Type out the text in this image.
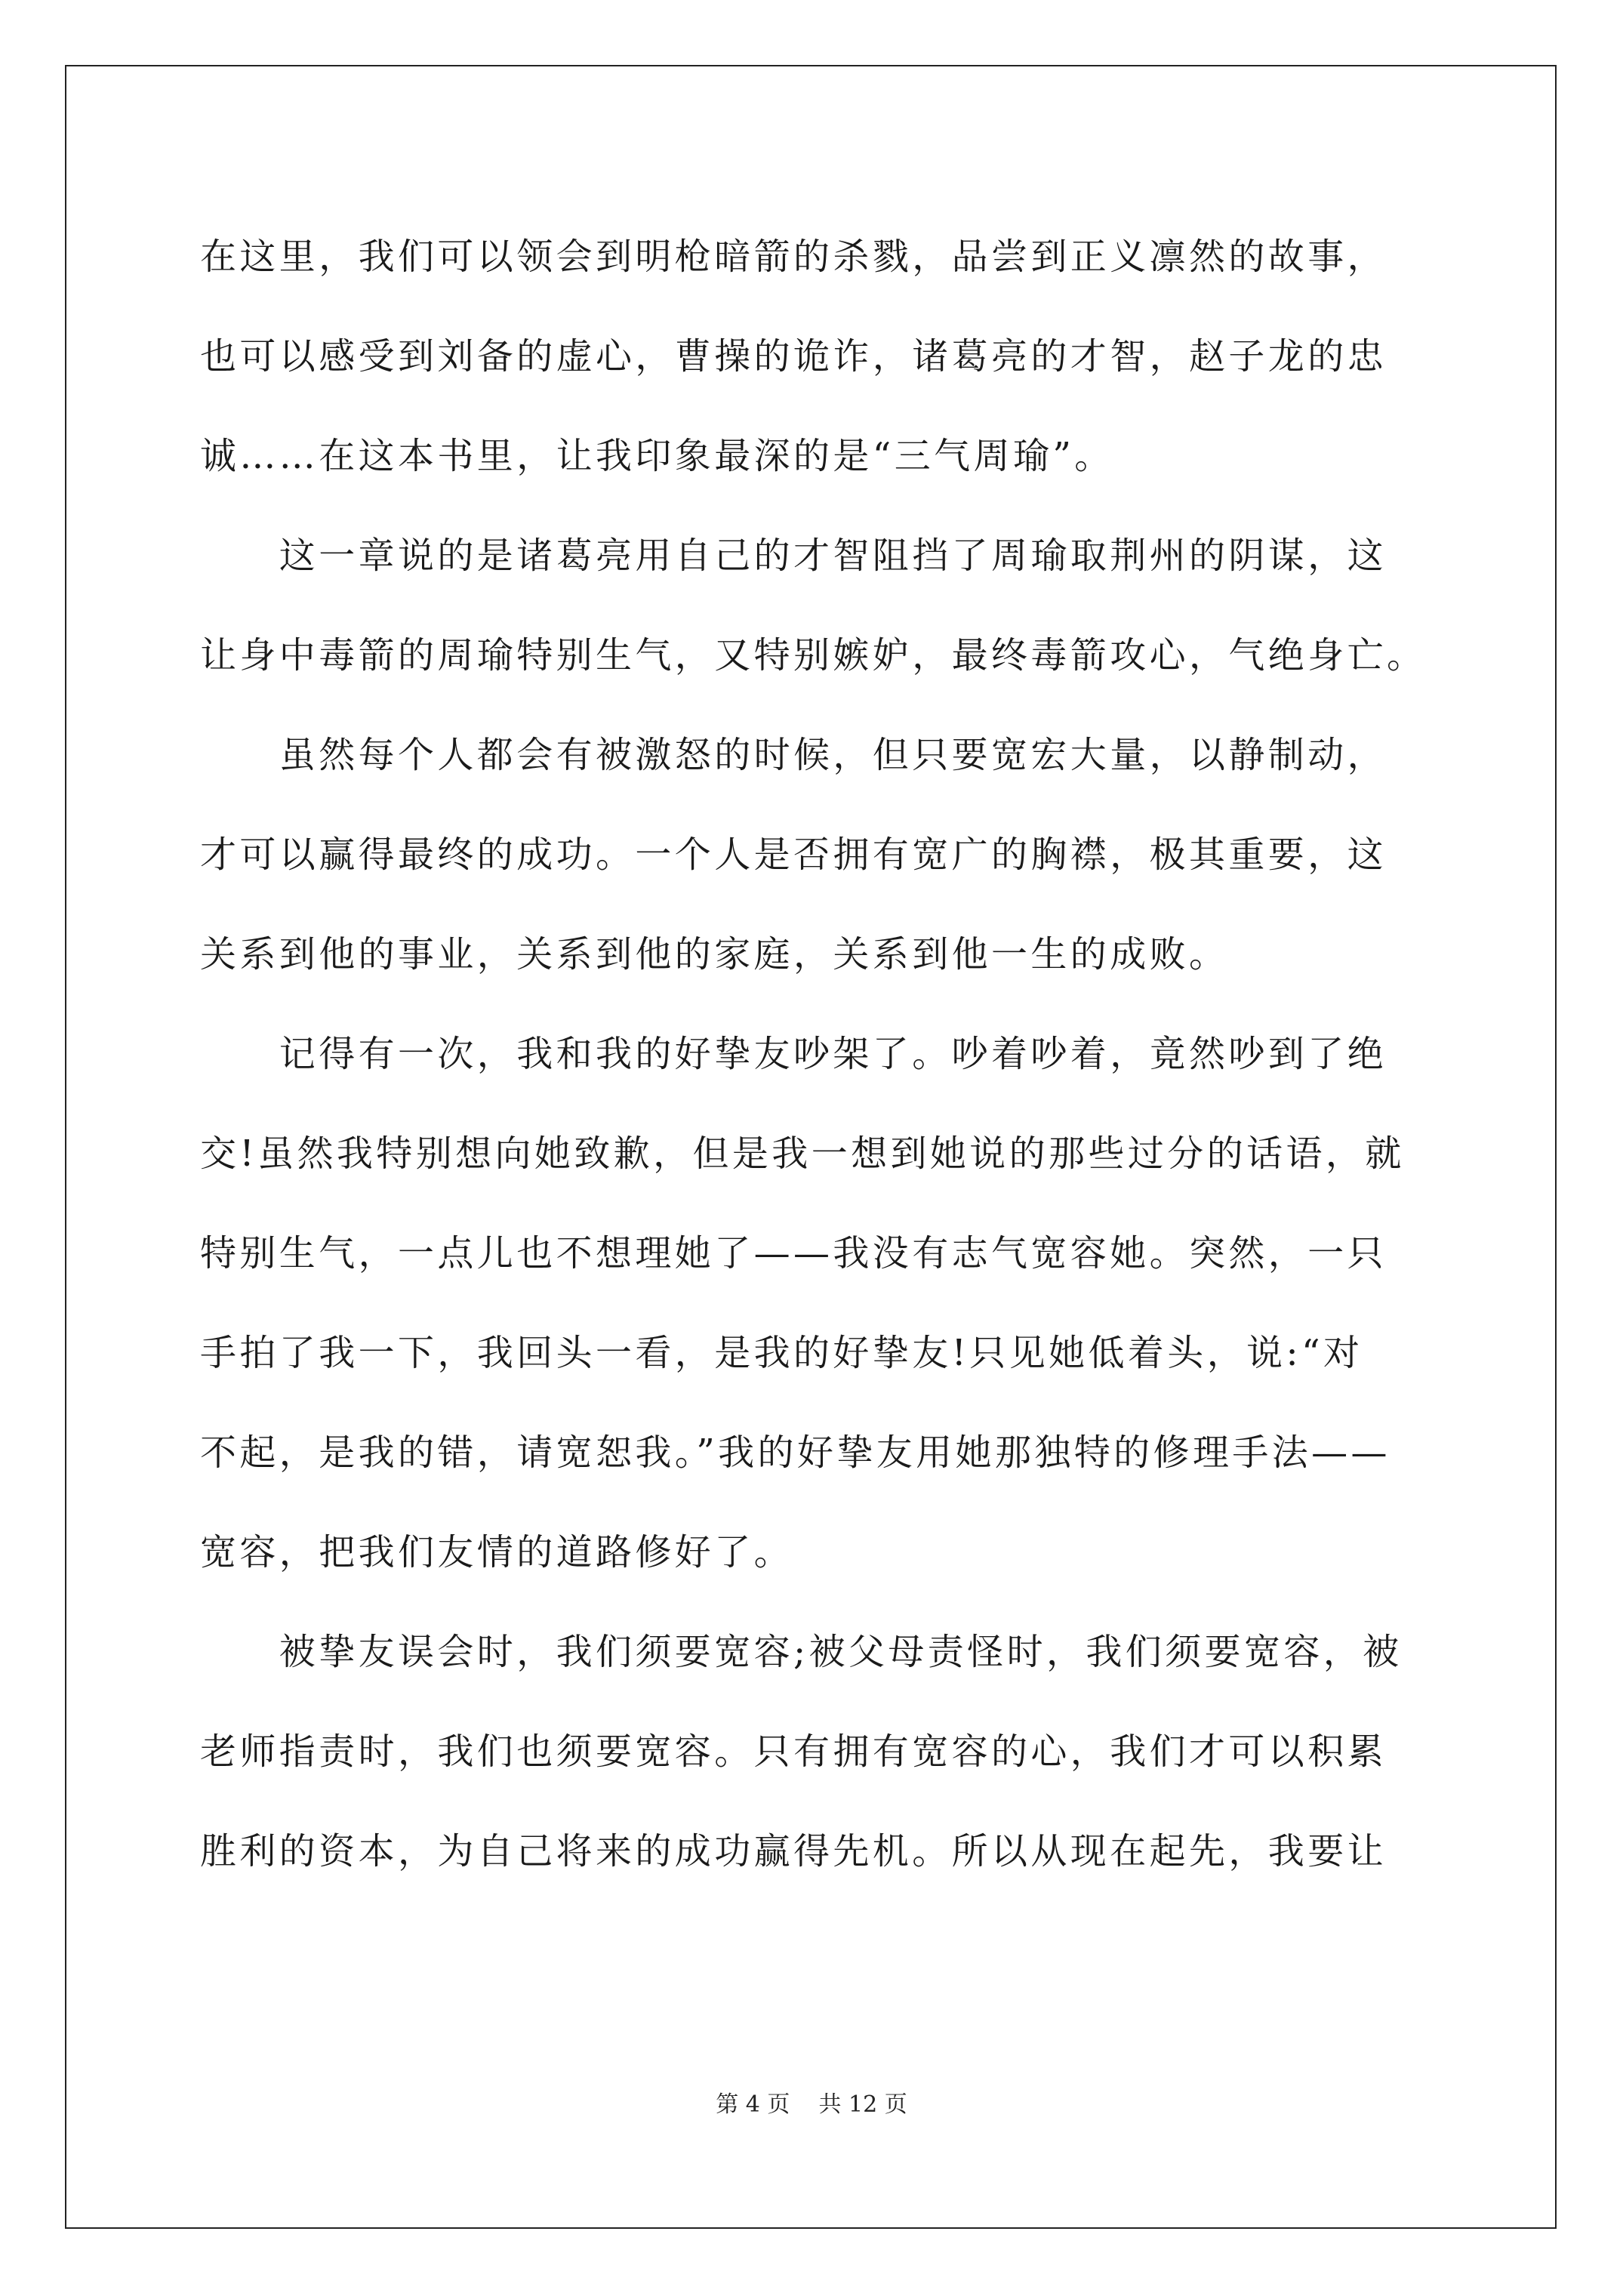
在这里，我们可以领会到明枪暗箭的杀戮，品尝到正义凛然的故事，
也可以感受到刘备的虚心，曹操的诡诈，诸葛亮的才智，赵子龙的忠
诚……在这本书里，让我印象最深的是“三气周瑜”。
　　这一章说的是诸葛亮用自己的才智阻挡了周瑜取荆州的阴谋，这
让身中毒箭的周瑜特别生气，又特别嫉妒，最终毒箭攻心，气绝身亡。
　　虽然每个人都会有被激怒的时候，但只要宽宏大量，以静制动，
才可以赢得最终的成功。一个人是否拥有宽广的胸襟，极其重要，这
关系到他的事业，关系到他的家庭，关系到他一生的成败。
　　记得有一次，我和我的好挚友吵架了。吵着吵着，竟然吵到了绝
交!虽然我特别想向她致歉，但是我一想到她说的那些过分的话语，就
特别生气，一点儿也不想理她了——我没有志气宽容她。突然，一只
手拍了我一下，我回头一看，是我的好挚友!只见她低着头，说:“对
不起，是我的错，请宽恕我。”我的好挚友用她那独特的修理手法——
宽容，把我们友情的道路修好了。
　　被挚友误会时，我们须要宽容;被父母责怪时，我们须要宽容，被
老师指责时，我们也须要宽容。只有拥有宽容的心，我们才可以积累
胜利的资本，为自己将来的成功赢得先机。所以从现在起先，我要让
第 4 页    共 12 页
